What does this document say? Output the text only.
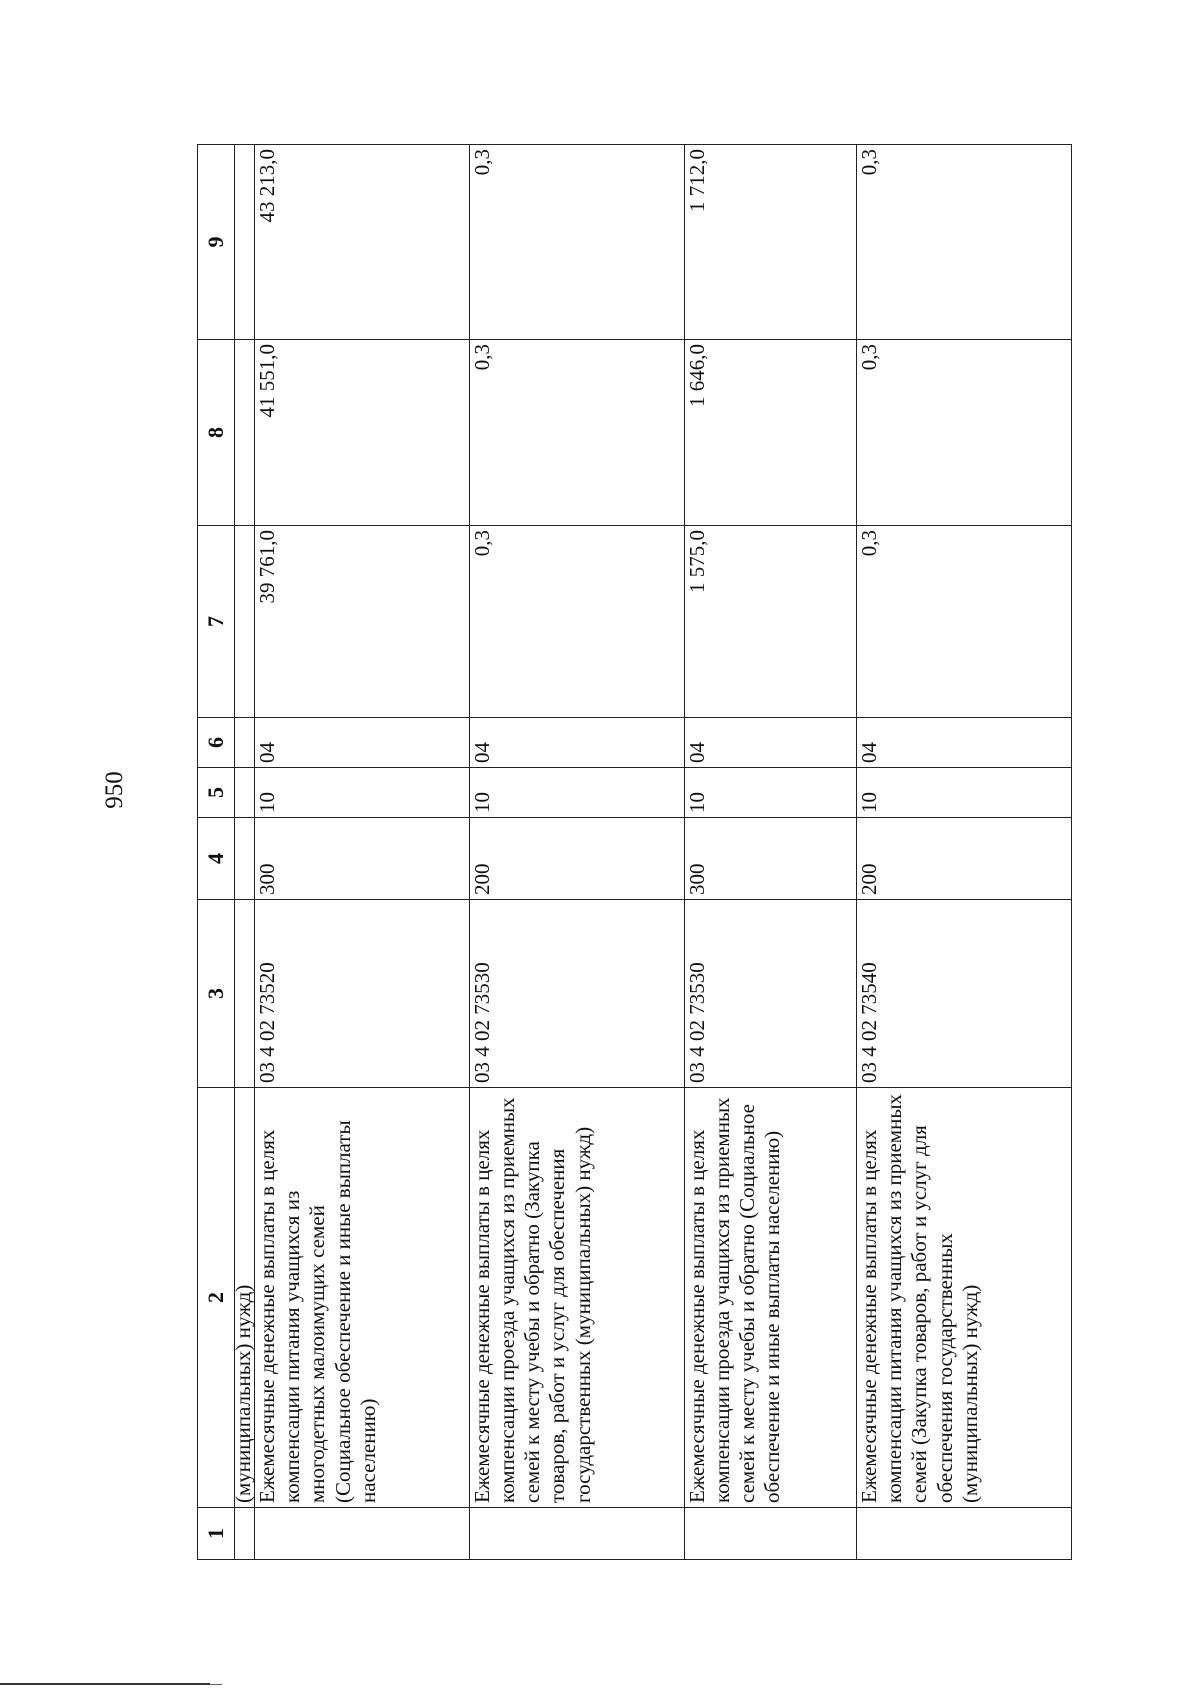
950
1	2	3	4	5	6	7	8	9
	(муниципальных) нужд)							
	Ежемесячные денежные выплаты в целях компенсации питания учащихся из многодетных малоимущих семей (Социальное обеспечение и иные выплаты населению)	03 4 02 73520	300	10	04	39 761,0	41 551,0	43 213,0
	Ежемесячные денежные выплаты в целях компенсации проезда учащихся из приемных семей к месту учебы и обратно (Закупка товаров, работ и услуг для обеспечения государственных (муниципальных) нужд)	03 4 02 73530	200	10	04	0,3	0,3	0,3
	Ежемесячные денежные выплаты в целях компенсации проезда учащихся из приемных семей к месту учебы и обратно (Социальное обеспечение и иные выплаты населению)	03 4 02 73530	300	10	04	1 575,0	1 646,0	1 712,0
	Ежемесячные денежные выплаты в целях компенсации питания учащихся из приемных семей (Закупка товаров, работ и услуг для обеспечения государственных (муниципальных) нужд)	03 4 02 73540	200	10	04	0,3	0,3	0,3
